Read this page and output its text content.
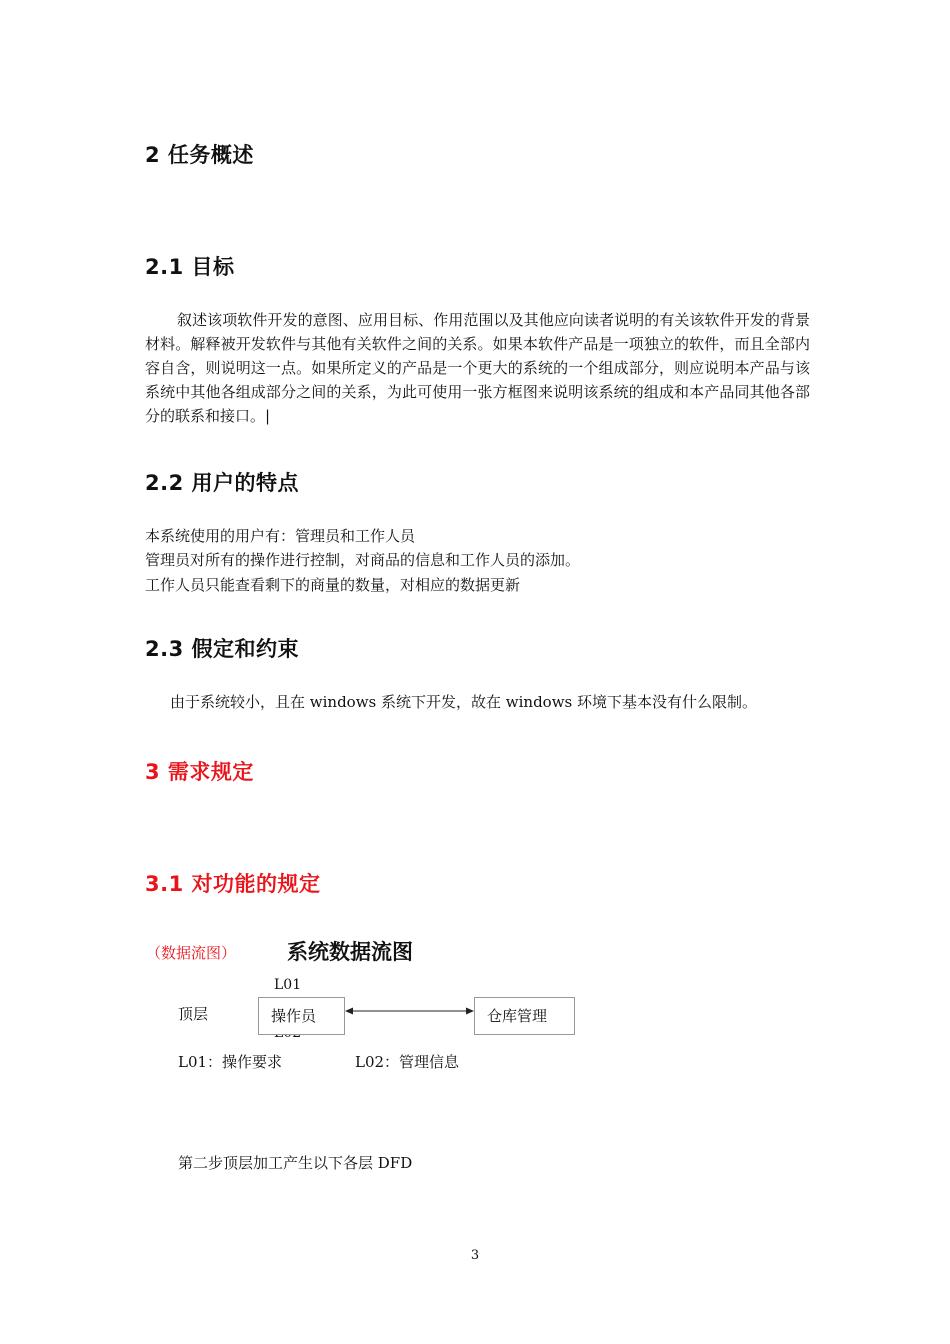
2 任务概述
2.1 目标

叙述该项软件开发的意图、应用目标、作用范围以及其他应向读者说明的有关该软件开发的背景材料。解释被开发软件与其他有关软件之间的关系。如果本软件产品是一项独立的软件，而且全部内容自含，则说明这一点。如果所定义的产品是一个更大的系统的一个组成部分，则应说明本产品与该系统中其他各组成部分之间的关系，为此可使用一张方框图来说明该系统的组成和本产品同其他各部分的联系和接口。|

2.2 用户的特点
本系统使用的用户有：管理员和工作人员
管理员对所有的操作进行控制，对商品的信息和工作人员的添加。
工作人员只能查看剩下的商量的数量，对相应的数据更新
2.3 假定和约束
由于系统较小，且在 windows 系统下开发，故在 windows 环境下基本没有什么限制。
3 需求规定
3.1 对功能的规定
（数据流图） 系统数据流图
L01
顶层	操作员	仓库管理
L01：操作要求	L02：管理信息
第二步顶层加工产生以下各层 DFD
3
